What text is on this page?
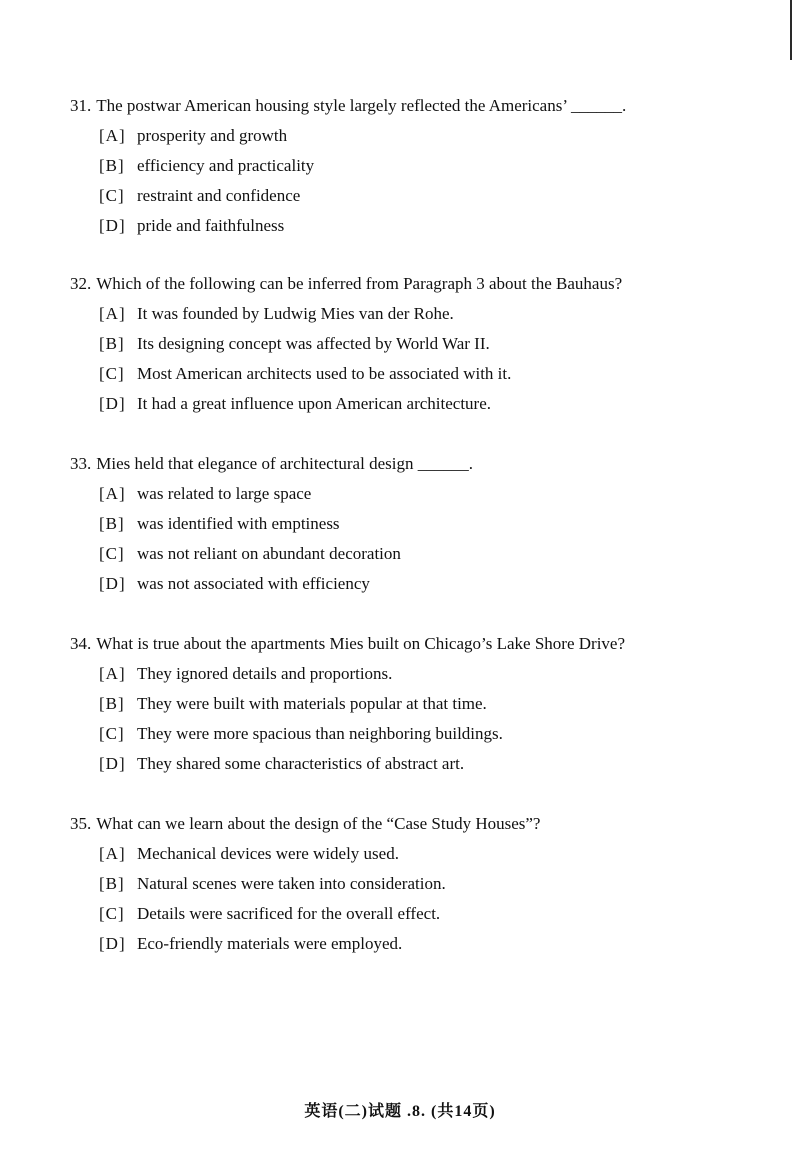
31. The postwar American housing style largely reflected the Americans’ ______.
[A] prosperity and growth
[B] efficiency and practicality
[C] restraint and confidence
[D] pride and faithfulness
32. Which of the following can be inferred from Paragraph 3 about the Bauhaus?
[A] It was founded by Ludwig Mies van der Rohe.
[B] Its designing concept was affected by World War II.
[C] Most American architects used to be associated with it.
[D] It had a great influence upon American architecture.
33. Mies held that elegance of architectural design ______.
[A] was related to large space
[B] was identified with emptiness
[C] was not reliant on abundant decoration
[D] was not associated with efficiency
34. What is true about the apartments Mies built on Chicago’s Lake Shore Drive?
[A] They ignored details and proportions.
[B] They were built with materials popular at that time.
[C] They were more spacious than neighboring buildings.
[D] They shared some characteristics of abstract art.
35. What can we learn about the design of the “Case Study Houses”?
[A] Mechanical devices were widely used.
[B] Natural scenes were taken into consideration.
[C] Details were sacrificed for the overall effect.
[D] Eco-friendly materials were employed.
英语(二)试题 .8. (共14页)
